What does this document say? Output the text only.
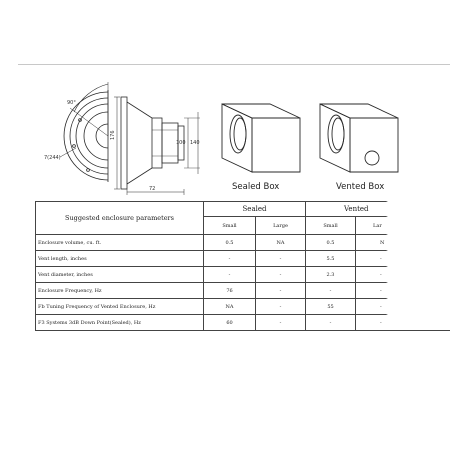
90°
7(244)
176
100 140
72	Sealed Box	Vented Box
Suggested enclosure parameters	Sealed		Vented	
	Small	Large	Small	Lar
Enclosure volume, cu. ft.	0.5	NA	0.5	N
Vent length, inches	-	-	5.5	-
Vent diameter, inches	-	-	2.3	-
Enclosure Frequency, Hz	76	-	-	-
Fb Tuning Frequency of Vented Enclosure, Hz	NA	-	55	-
F3 Systems 3dB Down Point(Sealed), Hz	60	-	-	-
